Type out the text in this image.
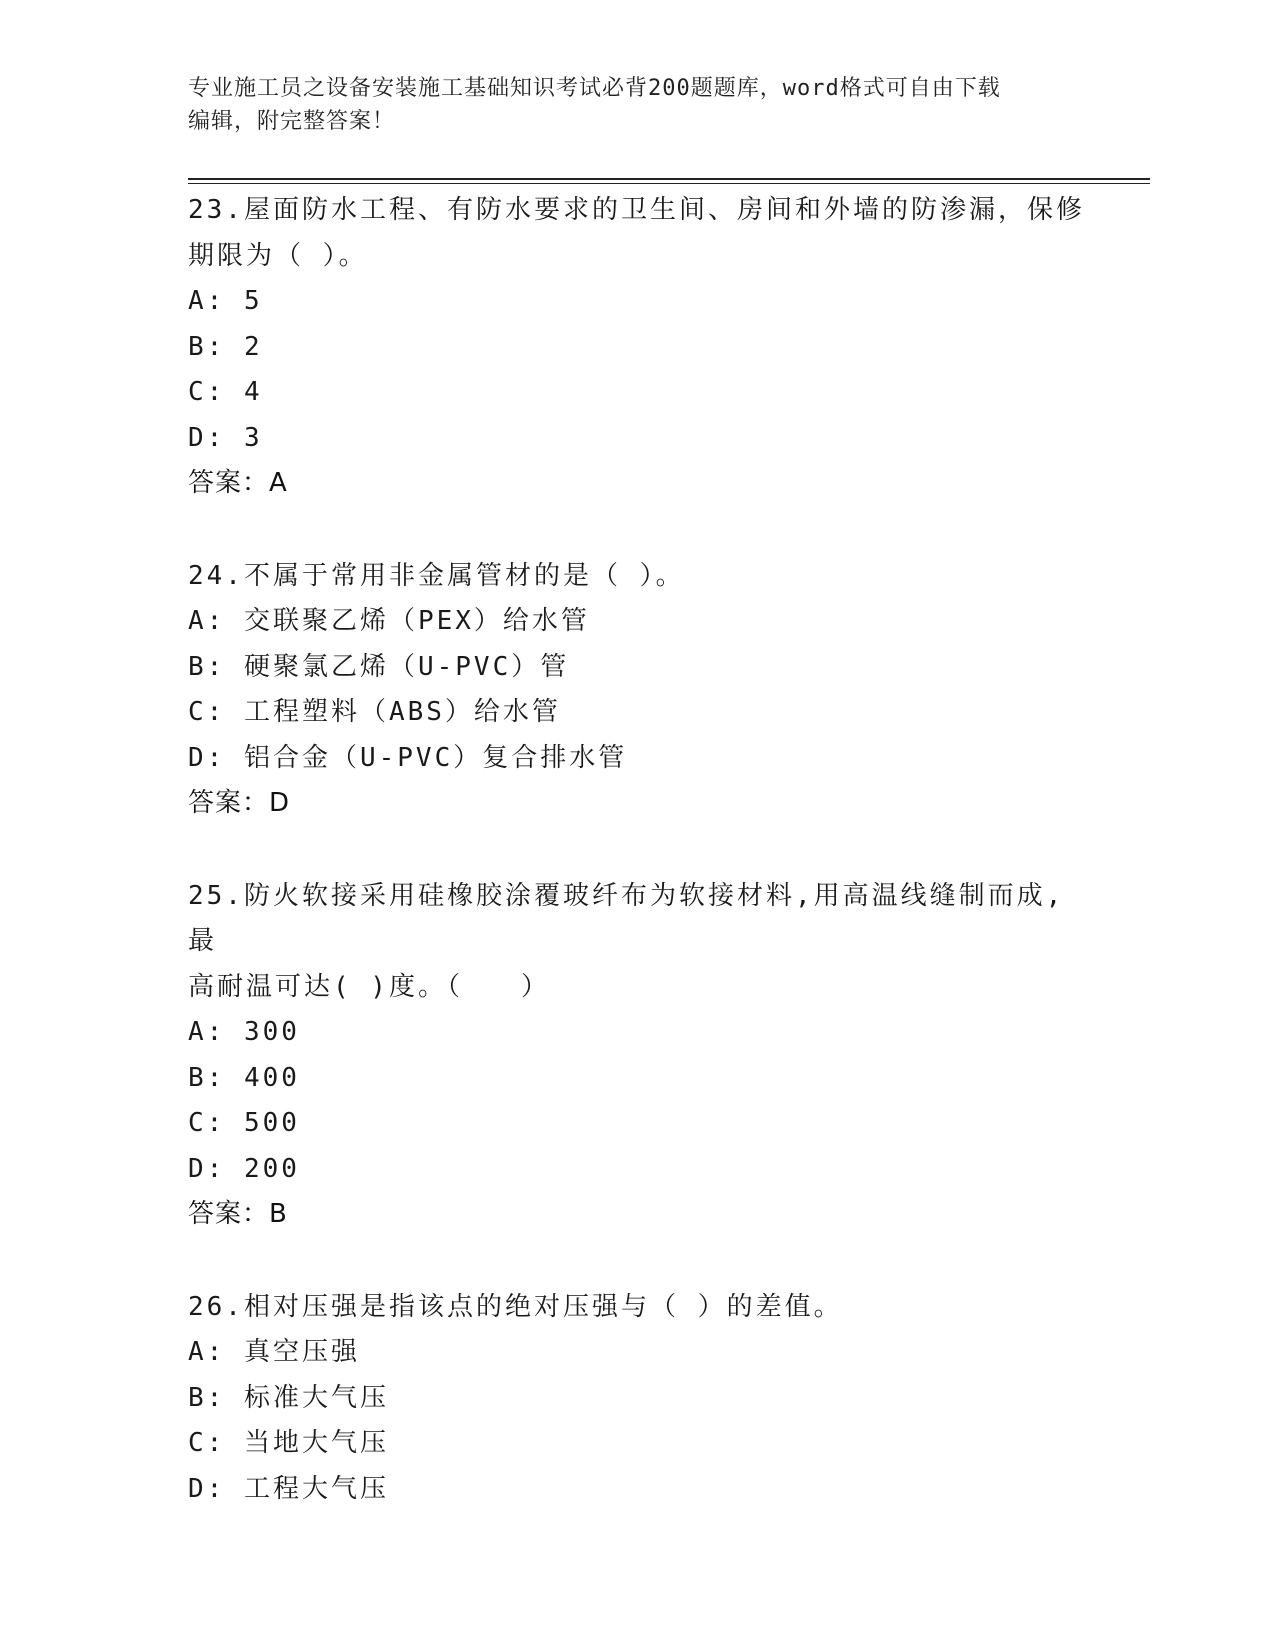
专业施工员之设备安装施工基础知识考试必背200题题库，word格式可自由下载
编辑，附完整答案！

23.屋面防水工程、有防水要求的卫生间、房间和外墙的防渗漏，保修

期限为（ ）。

A: 5

B: 2

C: 4

D: 3

答案：A

24.不属于常用非金属管材的是（ ）。

A: 交联聚乙烯（PEX）给水管

B: 硬聚氯乙烯（U-PVC）管

C: 工程塑料（ABS）给水管

D: 铝合金（U-PVC）复合排水管

答案：D

25.防火软接采用硅橡胶涂覆玻纤布为软接材料,用高温线缝制而成,最

高耐温可达( )度。（　　）

A: 300

B: 400

C: 500

D: 200

答案：B

26.相对压强是指该点的绝对压强与（ ）的差值。

A: 真空压强

B: 标准大气压

C: 当地大气压

D: 工程大气压
